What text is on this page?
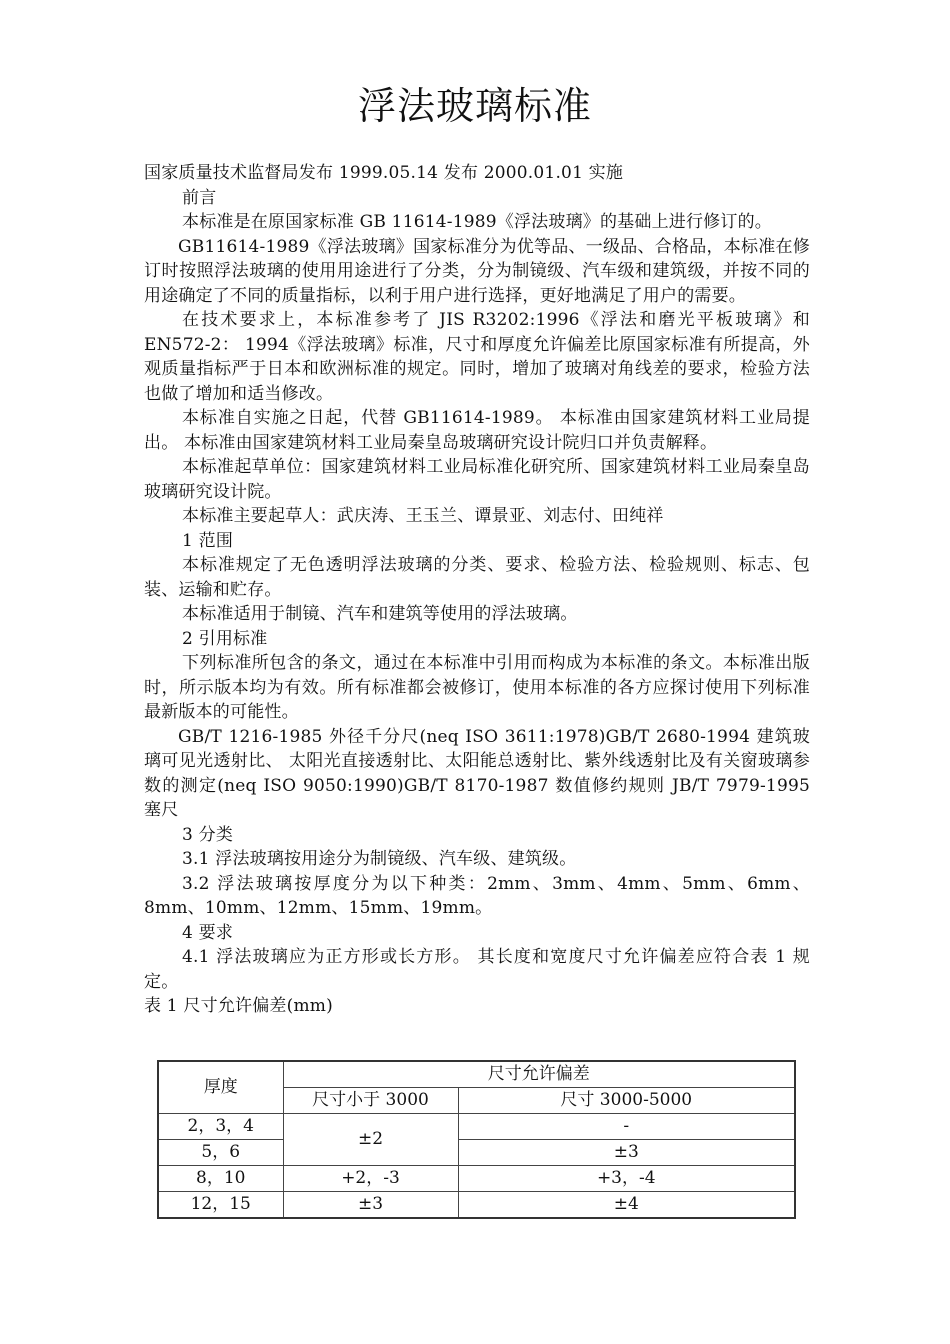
浮法玻璃标准

国家质量技术监督局发布 1999.05.14 发布 2000.01.01 实施

前言

本标准是在原国家标准 GB 11614-1989《浮法玻璃》的基础上进行修订的。

GB11614-1989《浮法玻璃》国家标准分为优等品、一级品、合格品，本标准在修订时按照浮法玻璃的使用用途进行了分类，分为制镜级、汽车级和建筑级，并按不同的用途确定了不同的质量指标，以利于用户进行选择，更好地满足了用户的需要。

在技术要求上，本标准参考了 JIS R3202:1996《浮法和磨光平板玻璃》和 EN572-2： 1994《浮法玻璃》标准，尺寸和厚度允许偏差比原国家标准有所提高，外观质量指标严于日本和欧洲标准的规定。同时，增加了玻璃对角线差的要求，检验方法也做了增加和适当修改。

本标准自实施之日起，代替 GB11614-1989。 本标准由国家建筑材料工业局提出。 本标准由国家建筑材料工业局秦皇岛玻璃研究设计院归口并负责解释。

本标准起草单位：国家建筑材料工业局标准化研究所、国家建筑材料工业局秦皇岛玻璃研究设计院。

本标准主要起草人：武庆涛、王玉兰、谭景亚、刘志付、田纯祥

1 范围

本标准规定了无色透明浮法玻璃的分类、要求、检验方法、检验规则、标志、包装、运输和贮存。

本标准适用于制镜、汽车和建筑等使用的浮法玻璃。

2 引用标准

下列标准所包含的条文，通过在本标准中引用而构成为本标准的条文。本标准出版时，所示版本均为有效。所有标准都会被修订，使用本标准的各方应探讨使用下列标准最新版本的可能性。

GB/T 1216-1985 外径千分尺(neq ISO 3611:1978)GB/T 2680-1994 建筑玻璃可见光透射比、 太阳光直接透射比、太阳能总透射比、紫外线透射比及有关窗玻璃参数的测定(neq ISO 9050:1990)GB/T 8170-1987 数值修约规则 JB/T 7979-1995 塞尺

3 分类

3.1 浮法玻璃按用途分为制镜级、汽车级、建筑级。

3.2 浮法玻璃按厚度分为以下种类：2mm、3mm、4mm、5mm、6mm、8mm、10mm、12mm、15mm、19mm。

4 要求

4.1 浮法玻璃应为正方形或长方形。 其长度和宽度尺寸允许偏差应符合表 1 规定。

表 1 尺寸允许偏差(mm)

厚度	尺寸允许偏差	
	尺寸小于 3000	尺寸 3000-5000
2，3，4	±2	-
5，6		±3
8，10	+2，-3	+3，-4
12，15	±3	±4
